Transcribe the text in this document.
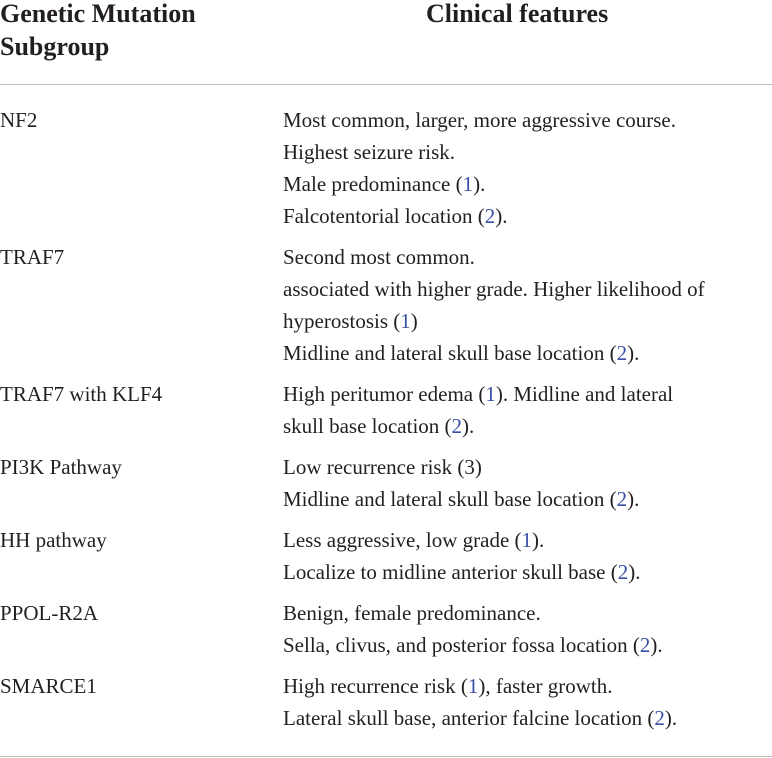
Genetic Mutation
Subgroup
Clinical features
NF2	Most common, larger, more aggressive course.
Highest seizure risk.
Male predominance (1).
Falcotentorial location (2).
TRAF7	Second most common.
associated with higher grade. Higher likelihood of
hyperostosis (1)
Midline and lateral skull base location (2).
TRAF7 with KLF4	High peritumor edema (1). Midline and lateral
skull base location (2).
PI3K Pathway	Low recurrence risk (3)
Midline and lateral skull base location (2).
HH pathway	Less aggressive, low grade (1).
Localize to midline anterior skull base (2).
PPOL-R2A	Benign, female predominance.
Sella, clivus, and posterior fossa location (2).
SMARCE1	High recurrence risk (1), faster growth.
Lateral skull base, anterior falcine location (2).
